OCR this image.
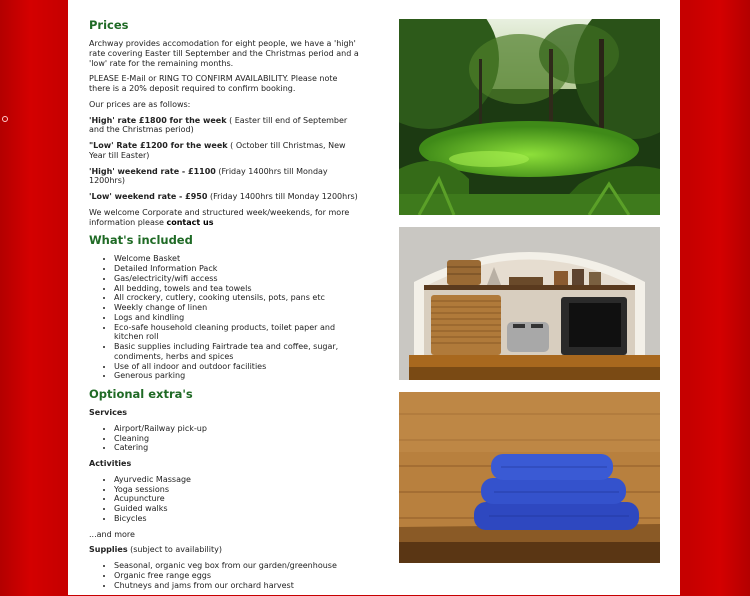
Prices

Archway provides accomodation for eight people, we have a 'high' rate covering Easter till September and the Christmas period and a 'low' rate for the remaining months.

PLEASE E-Mail or RING TO CONFIRM AVAILABILITY. Please note there is a 20% deposit required to confirm booking.

Our prices are as follows:

'High' rate £1800 for the week ( Easter till end of September and the Christmas period)

"Low' Rate £1200 for the week ( October till Christmas, New Year till Easter)

'High' weekend rate - £1100 (Friday 1400hrs till Monday 1200hrs)

'Low' weekend rate - £950 (Friday 1400hrs till Monday 1200hrs)

We welcome Corporate and structured week/weekends, for more information please contact us

What's included
• Welcome Basket
• Detailed Information Pack
• Gas/electricity/wifi access
• All bedding, towels and tea towels
• All crockery, cutlery, cooking utensils, pots, pans etc
• Weekly change of linen
• Logs and kindling
• Eco-safe household cleaning products, toilet paper and kitchen roll
• Basic supplies including Fairtrade tea and coffee, sugar, condiments, herbs and spices
• Use of all indoor and outdoor facilities
• Generous parking
Optional extra's
Services
• Airport/Railway pick-up
• Cleaning
• Catering
Activities
• Ayurvedic Massage
• Yoga sessions
• Acupuncture
• Guided walks
• Bicycles

...and more

Supplies (subject to availability)

• Seasonal, organic veg box from our garden/greenhouse
• Organic free range eggs
• Chutneys and jams from our orchard harvest
